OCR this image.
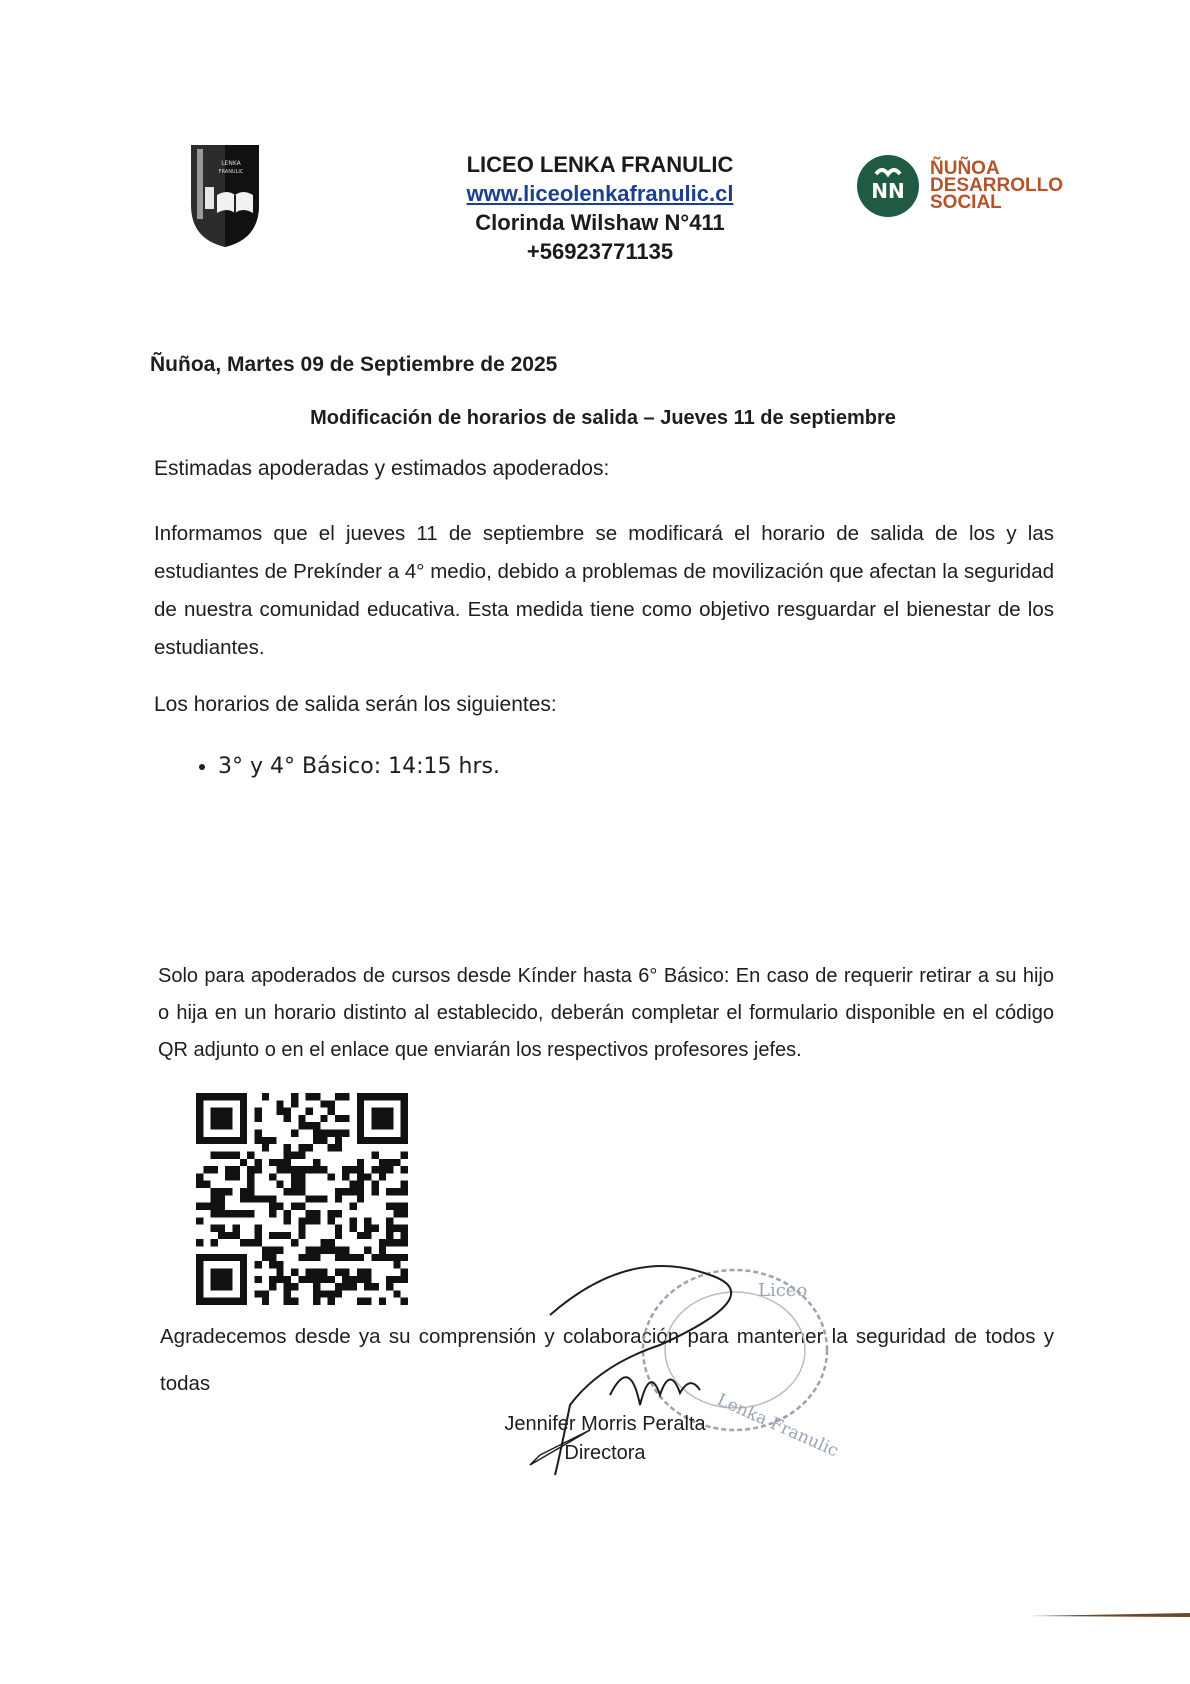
LENKA
FRANULIC	LICEO LENKA FRANULIC
www.liceolenkafranulic.cl
Clorinda Wilshaw N°411
+56923771135
NN
ÑUÑOA
DESARROLLO
SOCIAL
Ñuñoa, Martes 09 de Septiembre de 2025
Modificación de horarios de salida – Jueves 11 de septiembre
Estimadas apoderadas y estimados apoderados:
Informamos que el jueves 11 de septiembre se modificará el horario de salida de los y las estudiantes de Prekínder a 4° medio, debido a problemas de movilización que afectan la seguridad de nuestra comunidad educativa. Esta medida tiene como objetivo resguardar el bienestar de los estudiantes.
Los horarios de salida serán los siguientes:
• 3° y 4° Básico: 14:15 hrs.
Solo para apoderados de cursos desde Kínder hasta 6° Básico: En caso de requerir retirar a su hijo o hija en un horario distinto al establecido, deberán completar el formulario disponible en el código QR adjunto o en el enlace que enviarán los respectivos profesores jefes.
Agradecemos desde ya su comprensión y colaboración para mantener la seguridad de todos y todas
Liceo
Lenka Franulic
Jennifer Morris Peralta
Directora
